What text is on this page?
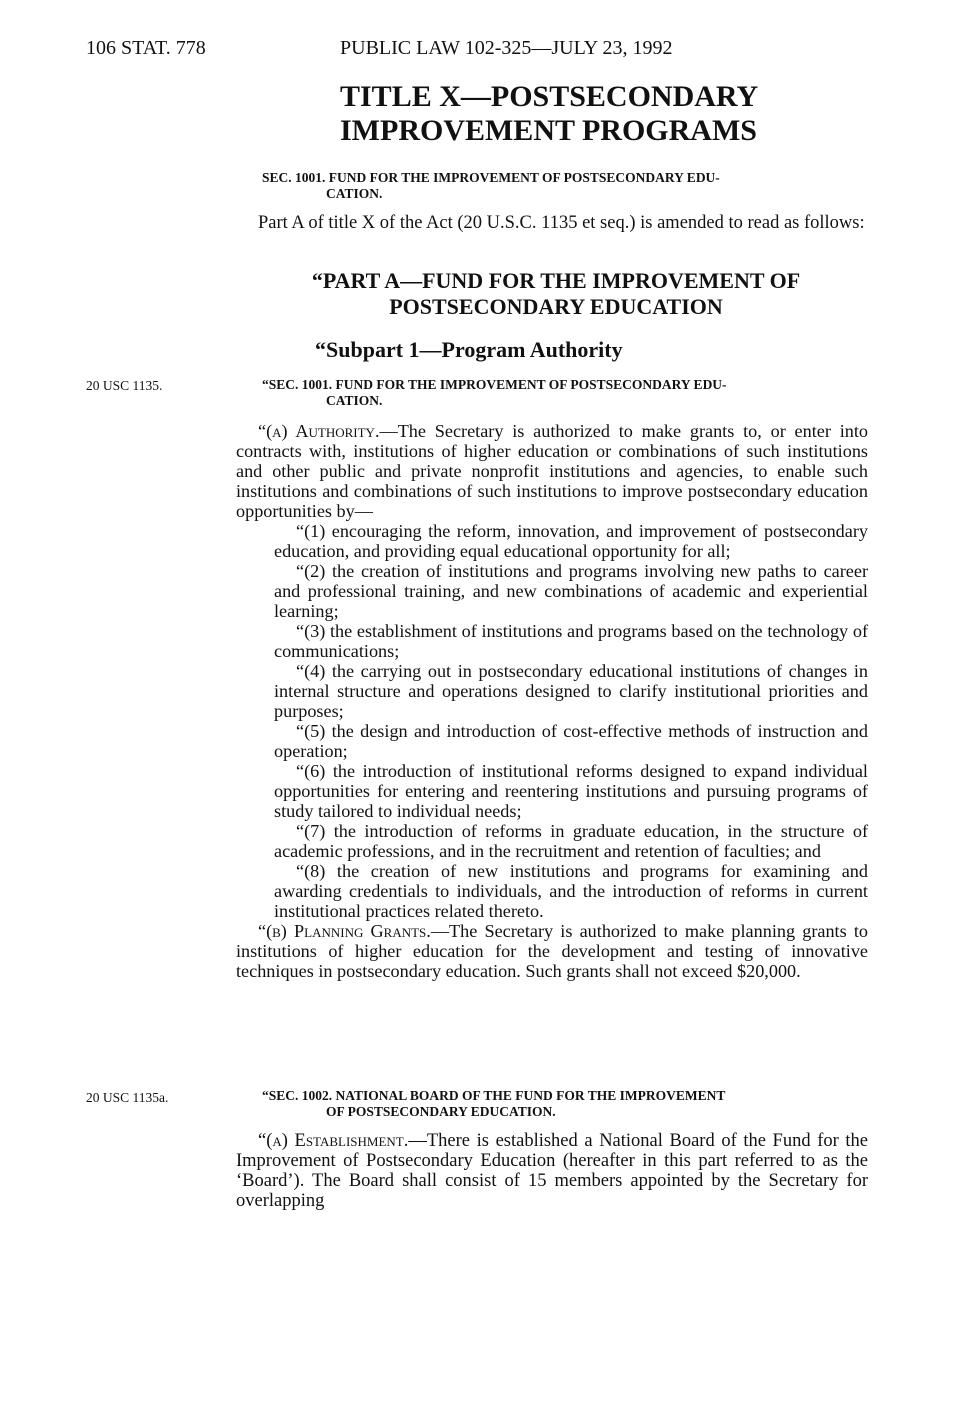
106 STAT. 778	PUBLIC LAW 102-325—JULY 23, 1992
TITLE X—POSTSECONDARY
IMPROVEMENT PROGRAMS
SEC. 1001. FUND FOR THE IMPROVEMENT OF POSTSECONDARY EDU-
CATION.

Part A of title X of the Act (20 U.S.C. 1135 et seq.) is amended to read as follows:

“PART A—FUND FOR THE IMPROVEMENT OF
POSTSECONDARY EDUCATION
“Subpart 1—Program Authority
20 USC 1135.	“SEC. 1001. FUND FOR THE IMPROVEMENT OF POSTSECONDARY EDU-
CATION.

“(a) Authority.—The Secretary is authorized to make grants to, or enter into contracts with, institutions of higher education or combinations of such institutions and other public and private nonprofit institutions and agencies, to enable such institutions and combinations of such institutions to improve postsecondary education opportunities by—

“(1) encouraging the reform, innovation, and improvement of postsecondary education, and providing equal educational opportunity for all;

“(2) the creation of institutions and programs involving new paths to career and professional training, and new combinations of academic and experiential learning;

“(3) the establishment of institutions and programs based on the technology of communications;

“(4) the carrying out in postsecondary educational institutions of changes in internal structure and operations designed to clarify institutional priorities and purposes;

“(5) the design and introduction of cost-effective methods of instruction and operation;

“(6) the introduction of institutional reforms designed to expand individual opportunities for entering and reentering institutions and pursuing programs of study tailored to individual needs;

“(7) the introduction of reforms in graduate education, in the structure of academic professions, and in the recruitment and retention of faculties; and

“(8) the creation of new institutions and programs for examining and awarding credentials to individuals, and the introduction of reforms in current institutional practices related thereto.

“(b) Planning Grants.—The Secretary is authorized to make planning grants to institutions of higher education for the development and testing of innovative techniques in postsecondary education. Such grants shall not exceed $20,000.

20 USC 1135a.	“SEC. 1002. NATIONAL BOARD OF THE FUND FOR THE IMPROVEMENT
OF POSTSECONDARY EDUCATION.

“(a) Establishment.—There is established a National Board of the Fund for the Improvement of Postsecondary Education (hereafter in this part referred to as the ‘Board’). The Board shall consist of 15 members appointed by the Secretary for overlapping
